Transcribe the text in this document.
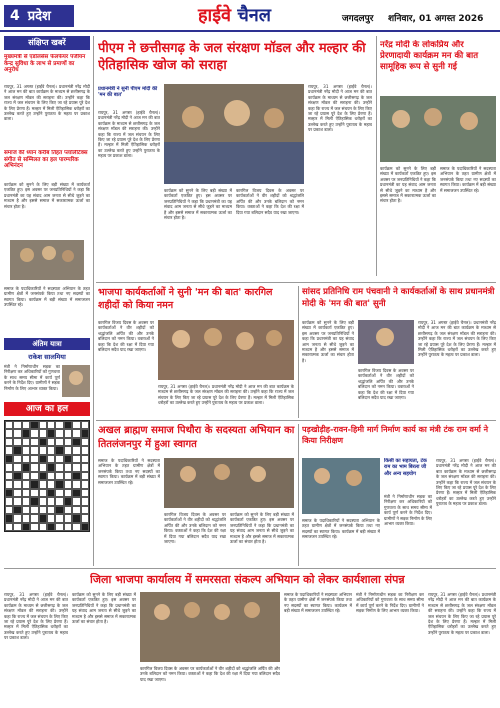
4 प्रदेश	हाईवे चैनल	जगदलपुर शनिवार, 01 अगस्त 2026
संक्षिप्त खबरें
मुख्यमंत्री से एडोलसेंस फेलफेयर पंजीयन केन्द्र सुविधा के लाभ से प्रमाणों का अनुरोध
रायपुर, 31 अगस्त (हाईवे चैनल)। प्रधानमंत्री नरेंद्र मोदी ने आज मन की बात कार्यक्रम के माध्यम से छत्तीसगढ़ के जल संरक्षण मॉडल की सराहना की। उन्होंने कहा कि राज्य में जल संचयन के लिए किए जा रहे प्रयास पूरे देश के लिए प्रेरणा हैं। मल्हार में मिली ऐतिहासिक धरोहरों का उल्लेख करते हुए उन्होंने पुरातत्व के महत्व पर प्रकाश डाला।
समाज की ध्यान करीब तिहत प्लालिटिक्स संगीत से सम्मिलत का हल पारम्परिक अभिनंदन
कार्यक्रम को सुनने के लिए बड़ी संख्या में कार्यकर्ता एकत्रित हुए। इस अवसर पर जनप्रतिनिधियों ने कहा कि प्रधानमंत्री का यह संवाद आम जनता से सीधे जुड़ने का माध्यम है और इससे समाज में सकारात्मक ऊर्जा का संचार होता है।
समाज के पदाधिकारियों ने सदस्यता अभियान के तहत ग्रामीण क्षेत्रों में जनसंपर्क किया तथा नए सदस्यों का स्वागत किया। कार्यक्रम में बड़ी संख्या में समाजजन उपस्थित रहे।
अंतिम यात्रा
राकेश सालमिया
मंत्री ने निर्माणाधीन सड़क का निरीक्षण कर अधिकारियों को गुणवत्ता के साथ समय सीमा में कार्य पूर्ण करने के निर्देश दिए। ग्रामीणों ने सड़क निर्माण के लिए आभार व्यक्त किया।
आज का हल
पीएम ने छत्तीसगढ़ के जल संरक्षण मॉडल और मल्हार की ऐतिहासिक खोज को सराहा
प्रधानमंत्री ने सुनी पीएम मोदी की 'मन की बात'
रायपुर, 31 अगस्त (हाईवे चैनल)। प्रधानमंत्री नरेंद्र मोदी ने आज मन की बात कार्यक्रम के माध्यम से छत्तीसगढ़ के जल संरक्षण मॉडल की सराहना की। उन्होंने कहा कि राज्य में जल संचयन के लिए किए जा रहे प्रयास पूरे देश के लिए प्रेरणा हैं। मल्हार में मिली ऐतिहासिक धरोहरों का उल्लेख करते हुए उन्होंने पुरातत्व के महत्व पर प्रकाश डाला।
कार्यक्रम को सुनने के लिए बड़ी संख्या में कार्यकर्ता एकत्रित हुए। इस अवसर पर जनप्रतिनिधियों ने कहा कि प्रधानमंत्री का यह संवाद आम जनता से सीधे जुड़ने का माध्यम है और इससे समाज में सकारात्मक ऊर्जा का संचार होता है।
कारगिल विजय दिवस के अवसर पर कार्यकर्ताओं ने वीर शहीदों को श्रद्धांजलि अर्पित की और उनके बलिदान को नमन किया। वक्ताओं ने कहा कि देश की रक्षा में दिया गया बलिदान सदैव याद रखा जाएगा।
रायपुर, 31 अगस्त (हाईवे चैनल)। प्रधानमंत्री नरेंद्र मोदी ने आज मन की बात कार्यक्रम के माध्यम से छत्तीसगढ़ के जल संरक्षण मॉडल की सराहना की। उन्होंने कहा कि राज्य में जल संचयन के लिए किए जा रहे प्रयास पूरे देश के लिए प्रेरणा हैं। मल्हार में मिली ऐतिहासिक धरोहरों का उल्लेख करते हुए उन्होंने पुरातत्व के महत्व पर प्रकाश डाला।
नरेंद्र मोदी के लोकप्रिय और प्रेरणादायी कार्यक्रम मन की बात सामूहिक रूप से सुनी गई
कार्यक्रम को सुनने के लिए बड़ी संख्या में कार्यकर्ता एकत्रित हुए। इस अवसर पर जनप्रतिनिधियों ने कहा कि प्रधानमंत्री का यह संवाद आम जनता से सीधे जुड़ने का माध्यम है और इससे समाज में सकारात्मक ऊर्जा का संचार होता है।
समाज के पदाधिकारियों ने सदस्यता अभियान के तहत ग्रामीण क्षेत्रों में जनसंपर्क किया तथा नए सदस्यों का स्वागत किया। कार्यक्रम में बड़ी संख्या में समाजजन उपस्थित रहे।
भाजपा कार्यकर्ताओं ने सुनी 'मन की बात' कारगिल शहीदों को किया नमन
कारगिल विजय दिवस के अवसर पर कार्यकर्ताओं ने वीर शहीदों को श्रद्धांजलि अर्पित की और उनके बलिदान को नमन किया। वक्ताओं ने कहा कि देश की रक्षा में दिया गया बलिदान सदैव याद रखा जाएगा।
रायपुर, 31 अगस्त (हाईवे चैनल)। प्रधानमंत्री नरेंद्र मोदी ने आज मन की बात कार्यक्रम के माध्यम से छत्तीसगढ़ के जल संरक्षण मॉडल की सराहना की। उन्होंने कहा कि राज्य में जल संचयन के लिए किए जा रहे प्रयास पूरे देश के लिए प्रेरणा हैं। मल्हार में मिली ऐतिहासिक धरोहरों का उल्लेख करते हुए उन्होंने पुरातत्व के महत्व पर प्रकाश डाला।
सांसद प्रतिनिधि राम पंचवानी ने कार्यकर्ताओं के साथ प्रधानमंत्री मोदी के 'मन की बात' सुनी
कार्यक्रम को सुनने के लिए बड़ी संख्या में कार्यकर्ता एकत्रित हुए। इस अवसर पर जनप्रतिनिधियों ने कहा कि प्रधानमंत्री का यह संवाद आम जनता से सीधे जुड़ने का माध्यम है और इससे समाज में सकारात्मक ऊर्जा का संचार होता है।
कारगिल विजय दिवस के अवसर पर कार्यकर्ताओं ने वीर शहीदों को श्रद्धांजलि अर्पित की और उनके बलिदान को नमन किया। वक्ताओं ने कहा कि देश की रक्षा में दिया गया बलिदान सदैव याद रखा जाएगा।
रायपुर, 31 अगस्त (हाईवे चैनल)। प्रधानमंत्री नरेंद्र मोदी ने आज मन की बात कार्यक्रम के माध्यम से छत्तीसगढ़ के जल संरक्षण मॉडल की सराहना की। उन्होंने कहा कि राज्य में जल संचयन के लिए किए जा रहे प्रयास पूरे देश के लिए प्रेरणा हैं। मल्हार में मिली ऐतिहासिक धरोहरों का उल्लेख करते हुए उन्होंने पुरातत्व के महत्व पर प्रकाश डाला।
अखल ब्राह्मण समाज पिथौरा के सदस्यता अभियान का तितलंजनपुर में हुआ स्वागत
समाज के पदाधिकारियों ने सदस्यता अभियान के तहत ग्रामीण क्षेत्रों में जनसंपर्क किया तथा नए सदस्यों का स्वागत किया। कार्यक्रम में बड़ी संख्या में समाजजन उपस्थित रहे।
कारगिल विजय दिवस के अवसर पर कार्यकर्ताओं ने वीर शहीदों को श्रद्धांजलि अर्पित की और उनके बलिदान को नमन किया। वक्ताओं ने कहा कि देश की रक्षा में दिया गया बलिदान सदैव याद रखा जाएगा।
कार्यक्रम को सुनने के लिए बड़ी संख्या में कार्यकर्ता एकत्रित हुए। इस अवसर पर जनप्रतिनिधियों ने कहा कि प्रधानमंत्री का यह संवाद आम जनता से सीधे जुड़ने का माध्यम है और इससे समाज में सकारात्मक ऊर्जा का संचार होता है।
पड़खोड़ीह-रावन-हिमी मार्ग निर्माण कार्य का मंत्री टंक राम वर्मा ने किया निरीक्षण
किसी का सहायता, टंक राम का भाम बिरला जी और अन्य सहयोग
मंत्री ने निर्माणाधीन सड़क का निरीक्षण कर अधिकारियों को गुणवत्ता के साथ समय सीमा में कार्य पूर्ण करने के निर्देश दिए। ग्रामीणों ने सड़क निर्माण के लिए आभार व्यक्त किया।
रायपुर, 31 अगस्त (हाईवे चैनल)। प्रधानमंत्री नरेंद्र मोदी ने आज मन की बात कार्यक्रम के माध्यम से छत्तीसगढ़ के जल संरक्षण मॉडल की सराहना की। उन्होंने कहा कि राज्य में जल संचयन के लिए किए जा रहे प्रयास पूरे देश के लिए प्रेरणा हैं। मल्हार में मिली ऐतिहासिक धरोहरों का उल्लेख करते हुए उन्होंने पुरातत्व के महत्व पर प्रकाश डाला।
समाज के पदाधिकारियों ने सदस्यता अभियान के तहत ग्रामीण क्षेत्रों में जनसंपर्क किया तथा नए सदस्यों का स्वागत किया। कार्यक्रम में बड़ी संख्या में समाजजन उपस्थित रहे।
जिला भाजपा कार्यालय में समरसता संकल्प अभियान को लेकर कार्यशाला संपन्न
रायपुर, 31 अगस्त (हाईवे चैनल)। प्रधानमंत्री नरेंद्र मोदी ने आज मन की बात कार्यक्रम के माध्यम से छत्तीसगढ़ के जल संरक्षण मॉडल की सराहना की। उन्होंने कहा कि राज्य में जल संचयन के लिए किए जा रहे प्रयास पूरे देश के लिए प्रेरणा हैं। मल्हार में मिली ऐतिहासिक धरोहरों का उल्लेख करते हुए उन्होंने पुरातत्व के महत्व पर प्रकाश डाला।
कार्यक्रम को सुनने के लिए बड़ी संख्या में कार्यकर्ता एकत्रित हुए। इस अवसर पर जनप्रतिनिधियों ने कहा कि प्रधानमंत्री का यह संवाद आम जनता से सीधे जुड़ने का माध्यम है और इससे समाज में सकारात्मक ऊर्जा का संचार होता है।
कारगिल विजय दिवस के अवसर पर कार्यकर्ताओं ने वीर शहीदों को श्रद्धांजलि अर्पित की और उनके बलिदान को नमन किया। वक्ताओं ने कहा कि देश की रक्षा में दिया गया बलिदान सदैव याद रखा जाएगा।
समाज के पदाधिकारियों ने सदस्यता अभियान के तहत ग्रामीण क्षेत्रों में जनसंपर्क किया तथा नए सदस्यों का स्वागत किया। कार्यक्रम में बड़ी संख्या में समाजजन उपस्थित रहे।
मंत्री ने निर्माणाधीन सड़क का निरीक्षण कर अधिकारियों को गुणवत्ता के साथ समय सीमा में कार्य पूर्ण करने के निर्देश दिए। ग्रामीणों ने सड़क निर्माण के लिए आभार व्यक्त किया।
रायपुर, 31 अगस्त (हाईवे चैनल)। प्रधानमंत्री नरेंद्र मोदी ने आज मन की बात कार्यक्रम के माध्यम से छत्तीसगढ़ के जल संरक्षण मॉडल की सराहना की। उन्होंने कहा कि राज्य में जल संचयन के लिए किए जा रहे प्रयास पूरे देश के लिए प्रेरणा हैं। मल्हार में मिली ऐतिहासिक धरोहरों का उल्लेख करते हुए उन्होंने पुरातत्व के महत्व पर प्रकाश डाला।
